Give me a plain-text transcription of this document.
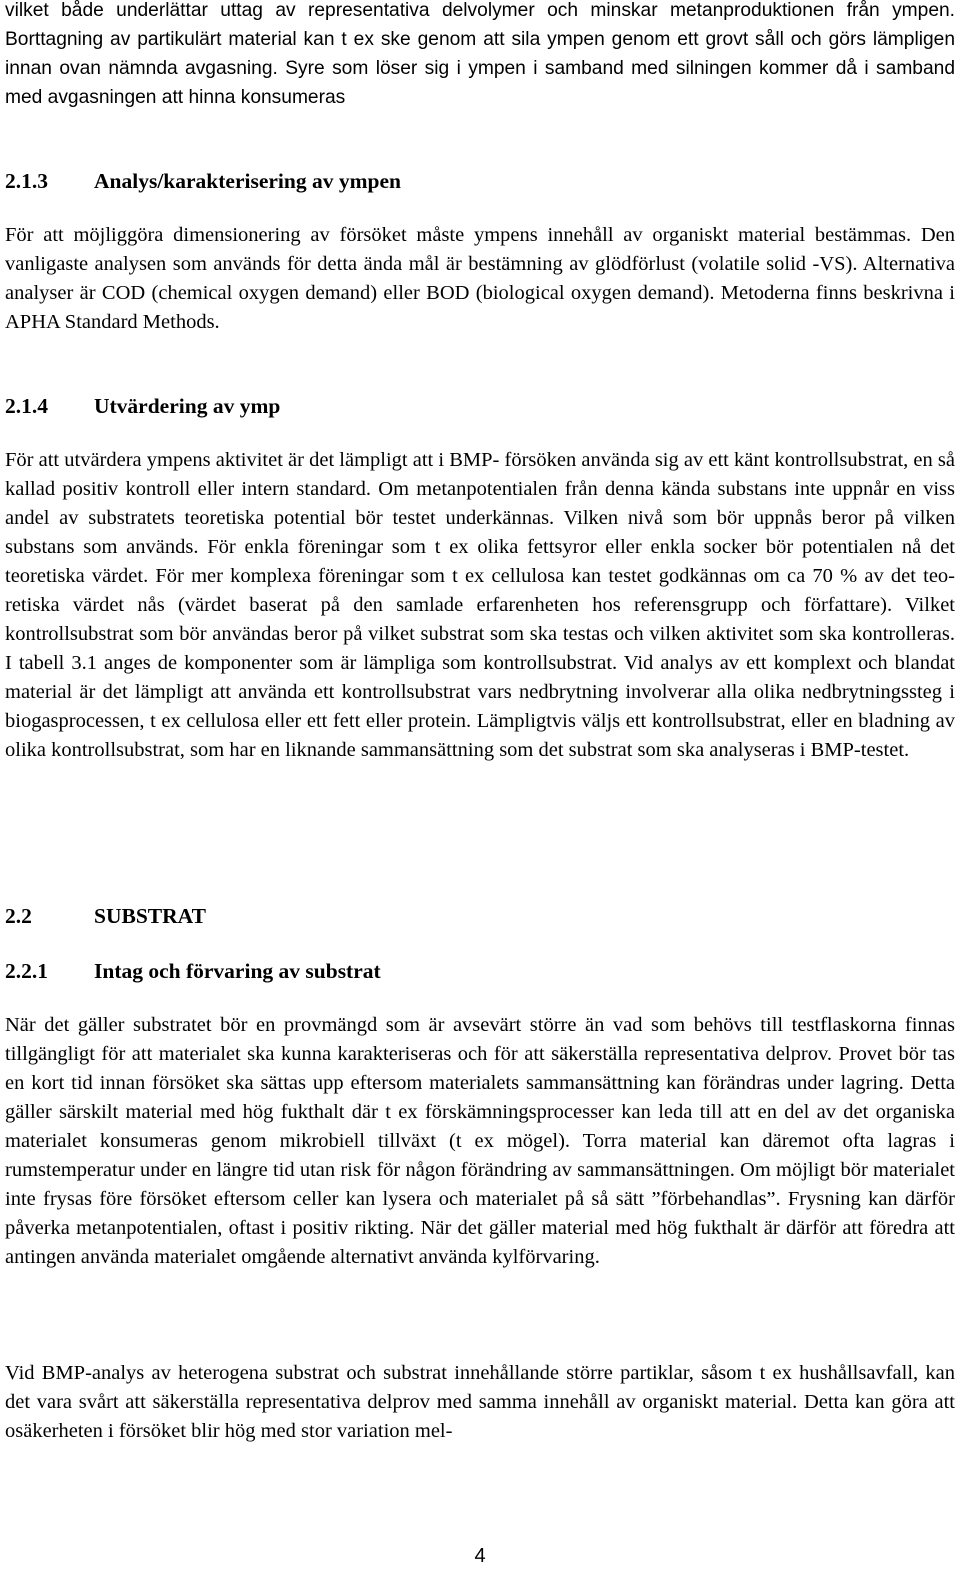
vilket både underlättar uttag av representativa delvolymer och minskar metanproduktionen från ympen. Borttagning av partikulärt material kan t ex ske genom att sila ympen genom ett grovt såll och görs lämpligen innan ovan nämnda avgasning. Syre som löser sig i ympen i samband med silningen kommer då i samband med avgasningen att hinna konsumeras

2.1.3 Analys/karakterisering av ympen

För att möjliggöra dimensionering av försöket måste ympens innehåll av organiskt material bestämmas. Den vanligaste analysen som används för detta ända mål är bestämning av glödförlust (volatile solid -VS). Alternativa analyser är COD (chemical oxygen demand) eller BOD (biological oxygen demand). Metoderna finns beskrivna i APHA Standard Methods.

2.1.4 Utvärdering av ymp

För att utvärdera ympens aktivitet är det lämpligt att i BMP- försöken använda sig av ett känt kontrollsubstrat, en så kallad positiv kontroll eller intern standard. Om metanpotentialen från denna kända substans inte uppnår en viss andel av substratets teoretiska potential bör testet underkännas. Vilken nivå som bör uppnås beror på vilken substans som används. För enkla föreningar som t ex olika fettsyror eller enkla socker bör potentialen nå det teoretiska värdet. För mer komplexa föreningar som t ex cellulosa kan testet godkännas om ca 70 % av det teoretiska värdet nås (värdet baserat på den samlade erfarenheten hos referensgrupp och författare). Vilket kontrollsubstrat som bör användas beror på vilket substrat som ska testas och vilken aktivitet som ska kontrolleras. I tabell 3.1 anges de komponenter som är lämpliga som kontrollsubstrat. Vid analys av ett komplext och blandat material är det lämpligt att använda ett kontrollsubstrat vars nedbrytning involverar alla olika nedbrytningssteg i biogasprocessen, t ex cellulosa eller ett fett eller protein. Lämpligtvis väljs ett kontrollsubstrat, eller en bladning av olika kontrollsubstrat, som har en liknande sammansättning som det substrat som ska analyseras i BMP-testet.

2.2	SUBSTRAT
2.2.1 Intag och förvaring av substrat

När det gäller substratet bör en provmängd som är avsevärt större än vad som behövs till testflaskorna finnas tillgängligt för att materialet ska kunna karakteriseras och för att säkerställa representativa delprov. Provet bör tas en kort tid innan försöket ska sättas upp eftersom materialets sammansättning kan förändras under lagring. Detta gäller särskilt material med hög fukthalt där t ex förskämningsprocesser kan leda till att en del av det organiska materialet konsumeras genom mikrobiell tillväxt (t ex mögel). Torra material kan däremot ofta lagras i rumstemperatur under en längre tid utan risk för någon förändring av sammansättningen. Om möjligt bör materialet inte frysas före försöket eftersom celler kan lysera och materialet på så sätt ”förbehandlas”. Frysning kan därför påverka metanpotentialen, oftast i positiv rikting. När det gäller material med hög fukthalt är därför att föredra att antingen använda materialet omgående alternativt använda kylförvaring.

Vid BMP-analys av heterogena substrat och substrat innehållande större partiklar, såsom t ex hushållsavfall, kan det vara svårt att säkerställa representativa delprov med samma innehåll av organiskt material. Detta kan göra att osäkerheten i försöket blir hög med stor variation mel-

4
